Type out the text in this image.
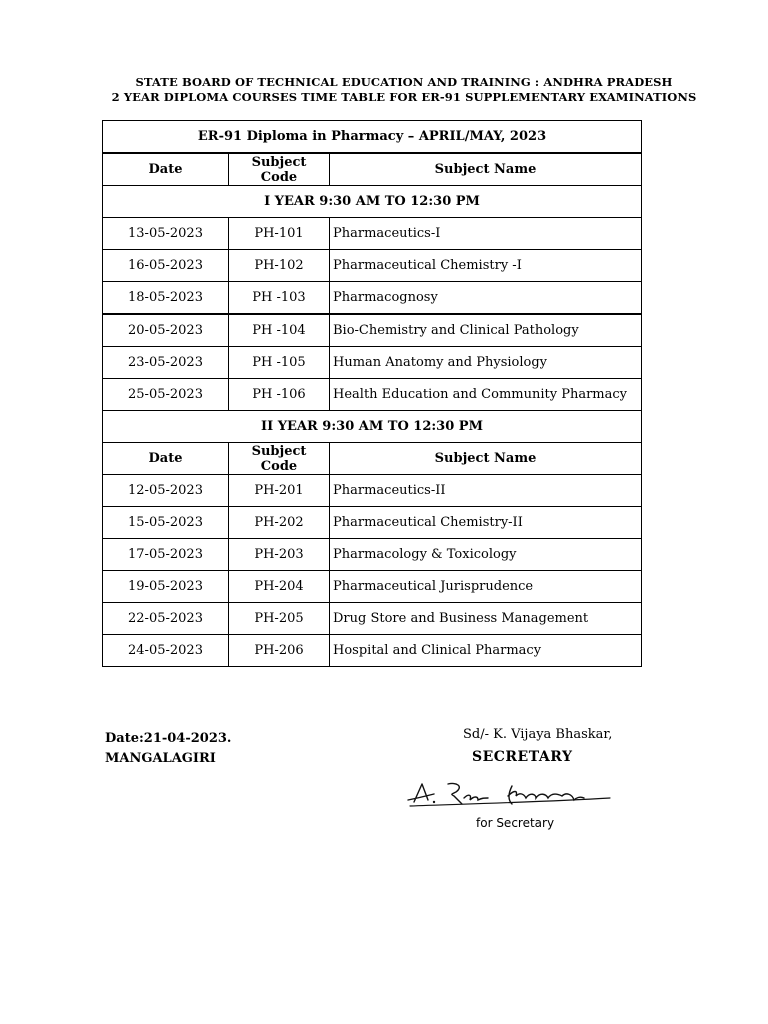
STATE BOARD OF TECHNICAL EDUCATION AND TRAINING : ANDHRA PRADESH
2 YEAR DIPLOMA COURSES TIME TABLE FOR ER-91 SUPPLEMENTARY EXAMINATIONS
ER-91 Diploma in Pharmacy – APRIL/MAY, 2023		
Date	Subject Code	Subject Name
I YEAR 9:30 AM TO 12:30 PM		
13-05-2023	PH-101	Pharmaceutics-I
16-05-2023	PH-102	Pharmaceutical Chemistry -I
18-05-2023	PH -103	Pharmacognosy
20-05-2023	PH -104	Bio-Chemistry and Clinical Pathology
23-05-2023	PH -105	Human Anatomy and Physiology
25-05-2023	PH -106	Health Education and Community Pharmacy
II YEAR 9:30 AM TO 12:30 PM		
Date	Subject Code	Subject Name
12-05-2023	PH-201	Pharmaceutics-II
15-05-2023	PH-202	Pharmaceutical Chemistry-II
17-05-2023	PH-203	Pharmacology & Toxicology
19-05-2023	PH-204	Pharmaceutical Jurisprudence
22-05-2023	PH-205	Drug Store and Business Management
24-05-2023	PH-206	Hospital and Clinical Pharmacy
Date:21-04-2023.
MANGALAGIRI
Sd/- K. Vijaya Bhaskar,
SECRETARY
for Secretary
